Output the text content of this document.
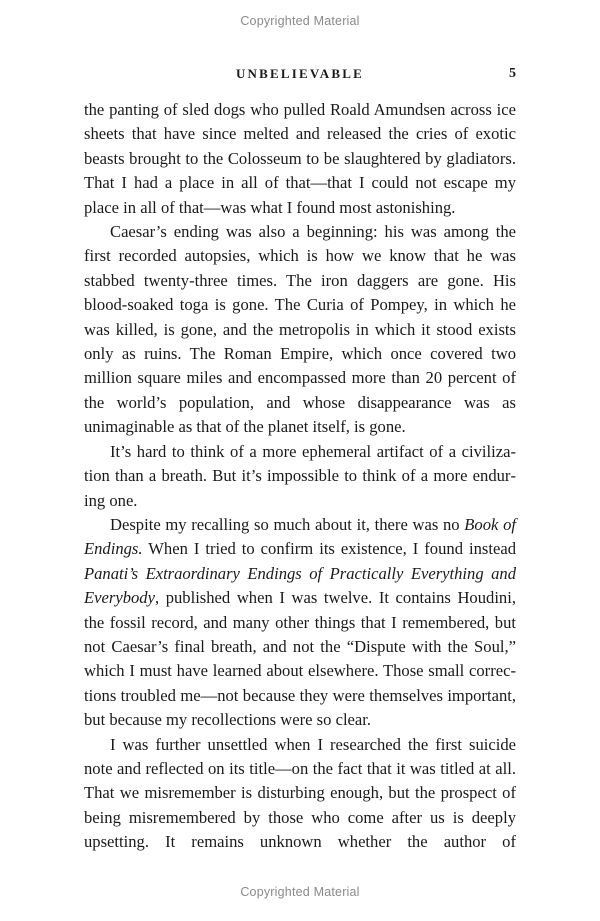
Copyrighted Material
UNBELIEVABLE	5

the panting of sled dogs who pulled Roald Amundsen across ice sheets that have since melted and released the cries of exotic beasts brought to the Colosseum to be slaughtered by gladiators. That I had a place in all of that—that I could not escape my place in all of that—was what I found most astonishing.

Caesar’s ending was also a beginning: his was among the first recorded autopsies, which is how we know that he was stabbed twenty-three times. The iron daggers are gone. His blood-soaked toga is gone. The Curia of Pompey, in which he was killed, is gone, and the metropolis in which it stood exists only as ruins. The Roman Empire, which once covered two million square miles and encompassed more than 20 percent of the world’s population, and whose disappearance was as unimaginable as that of the planet itself, is gone.

It’s hard to think of a more ephemeral artifact of a civilization than a breath. But it’s impossible to think of a more enduring one.

Despite my recalling so much about it, there was no Book of Endings. When I tried to confirm its existence, I found instead Panati’s Extraordinary Endings of Practically Everything and Everybody, published when I was twelve. It contains Houdini, the fossil record, and many other things that I remembered, but not Caesar’s final breath, and not the “Dispute with the Soul,” which I must have learned about elsewhere. Those small corrections troubled me—not because they were themselves important, but because my recollections were so clear.

I was further unsettled when I researched the first suicide note and reflected on its title—on the fact that it was titled at all. That we misremember is disturbing enough, but the prospect of being misremembered by those who come after us is deeply upsetting. It remains unknown whether the author of

Copyrighted Material
